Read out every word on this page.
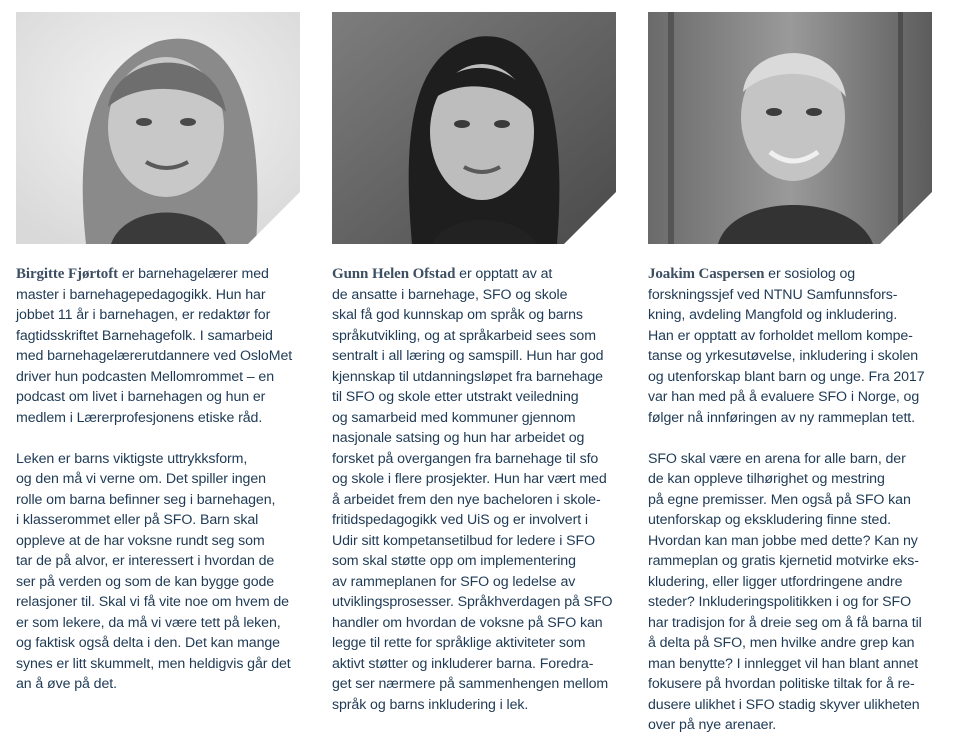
Birgitte Fjørtoft er barnehagelærer med
master i barnehagepedagogikk. Hun har
jobbet 11 år i barnehagen, er redaktør for
fagtidsskriftet Barnehagefolk. I samarbeid
med barnehagelærerutdannere ved OsloMet
driver hun podcasten Mellomrommet – en
podcast om livet i barnehagen og hun er
medlem i Lærerprofesjonens etiske råd.

Leken er barns viktigste uttrykksform,
og den må vi verne om. Det spiller ingen
rolle om barna befinner seg i barnehagen,
i klasserommet eller på SFO. Barn skal
oppleve at de har voksne rundt seg som
tar de på alvor, er interessert i hvordan de
ser på verden og som de kan bygge gode
relasjoner til. Skal vi få vite noe om hvem de
er som lekere, da må vi være tett på leken,
og faktisk også delta i den. Det kan mange
synes er litt skummelt, men heldigvis går det
an å øve på det.

Gunn Helen Ofstad er opptatt av at
de ansatte i barnehage, SFO og skole
skal få god kunnskap om språk og barns
språkutvikling, og at språkarbeid sees som
sentralt i all læring og samspill. Hun har god
kjennskap til utdanningsløpet fra barnehage
til SFO og skole etter utstrakt veiledning
og samarbeid med kommuner gjennom
nasjonale satsing og hun har arbeidet og
forsket på overgangen fra barnehage til sfo
og skole i flere prosjekter. Hun har vært med
å arbeidet frem den nye bacheloren i skole-
fritidspedagogikk ved UiS og er involvert i
Udir sitt kompetansetilbud for ledere i SFO
som skal støtte opp om implementering
av rammeplanen for SFO og ledelse av
utviklingsprosesser. Språkhverdagen på SFO
handler om hvordan de voksne på SFO kan
legge til rette for språklige aktiviteter som
aktivt støtter og inkluderer barna. Foredra-
get ser nærmere på sammenhengen mellom
språk og barns inkludering i lek.

Joakim Caspersen er sosiolog og
forskningssjef ved NTNU Samfunnsfors-
kning, avdeling Mangfold og inkludering.
Han er opptatt av forholdet mellom kompe-
tanse og yrkesutøvelse, inkludering i skolen
og utenforskap blant barn og unge. Fra 2017
var han med på å evaluere SFO i Norge, og
følger nå innføringen av ny rammeplan tett.

SFO skal være en arena for alle barn, der
de kan oppleve tilhørighet og mestring
på egne premisser. Men også på SFO kan
utenforskap og ekskludering finne sted.
Hvordan kan man jobbe med dette? Kan ny
rammeplan og gratis kjernetid motvirke eks-
kludering, eller ligger utfordringene andre
steder? Inkluderingspolitikken i og for SFO
har tradisjon for å dreie seg om å få barna til
å delta på SFO, men hvilke andre grep kan
man benytte? I innlegget vil han blant annet
fokusere på hvordan politiske tiltak for å re-
dusere ulikhet i SFO stadig skyver ulikheten
over på nye arenaer.
